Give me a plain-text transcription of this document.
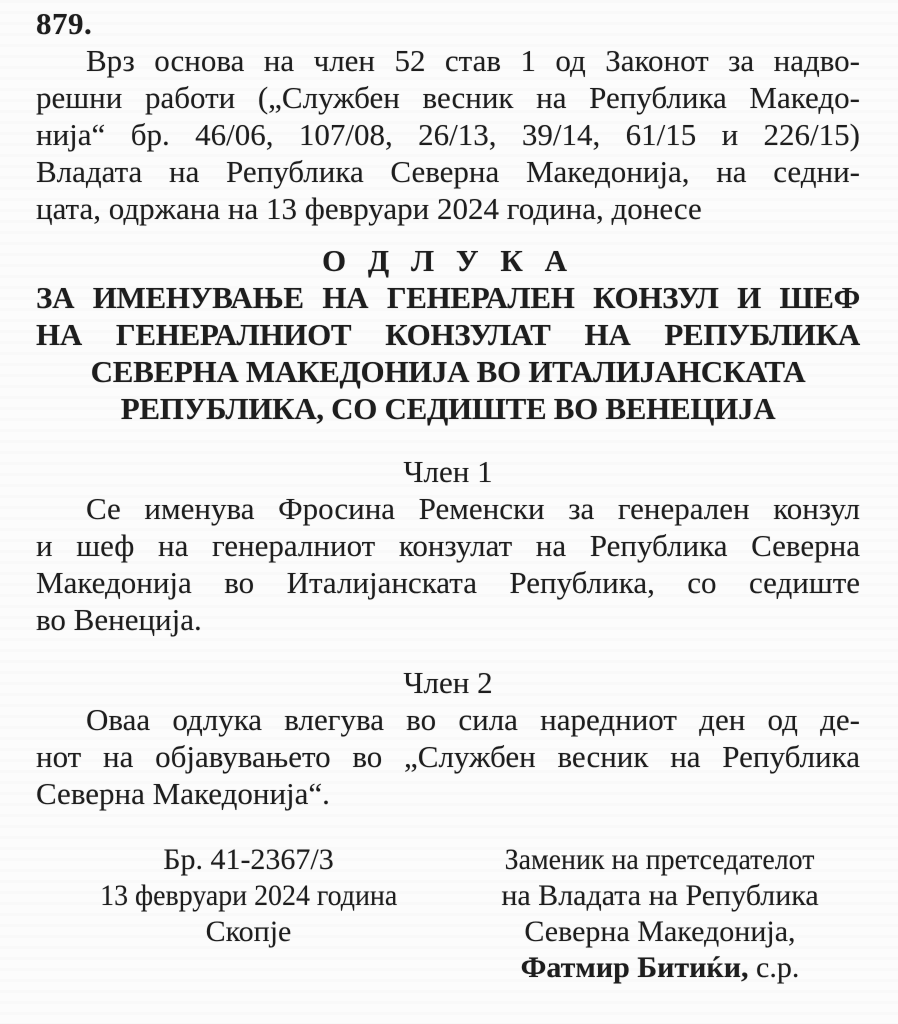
879.
Врз основа на член 52 став 1 од Законот за надво-
решни работи („Службен весник на Република Македо-
нија“ бр. 46/06, 107/08, 26/13, 39/14, 61/15 и 226/15)
Владата на Република Северна Македонија, на седни-
цата, одржана на 13 февруари 2024 година, донесе
О Д Л У К А
ЗА ИМЕНУВАЊЕ НА ГЕНЕРАЛЕН КОНЗУЛ И ШЕФ
НА ГЕНЕРАЛНИОТ КОНЗУЛАТ НА РЕПУБЛИКА
СЕВЕРНА МАКЕДОНИЈА ВО ИТАЛИЈАНСКАТА
РЕПУБЛИКА, СО СЕДИШТЕ ВО ВЕНЕЦИЈА
Член 1
Се именува Фросина Ременски за генерален конзул
и шеф на генералниот конзулат на Република Северна
Македонија во Италијанската Република, со седиште
во Венеција.
Член 2
Оваа одлука влегува во сила наредниот ден од де-
нот на објавувањето во „Службен весник на Република
Северна Македонија“.
Бр. 41-2367/3
13 февруари 2024 година
Скопје
Заменик на претседателот
на Владата на Република
Северна Македонија,
Фатмир Битиќи, с.р.
